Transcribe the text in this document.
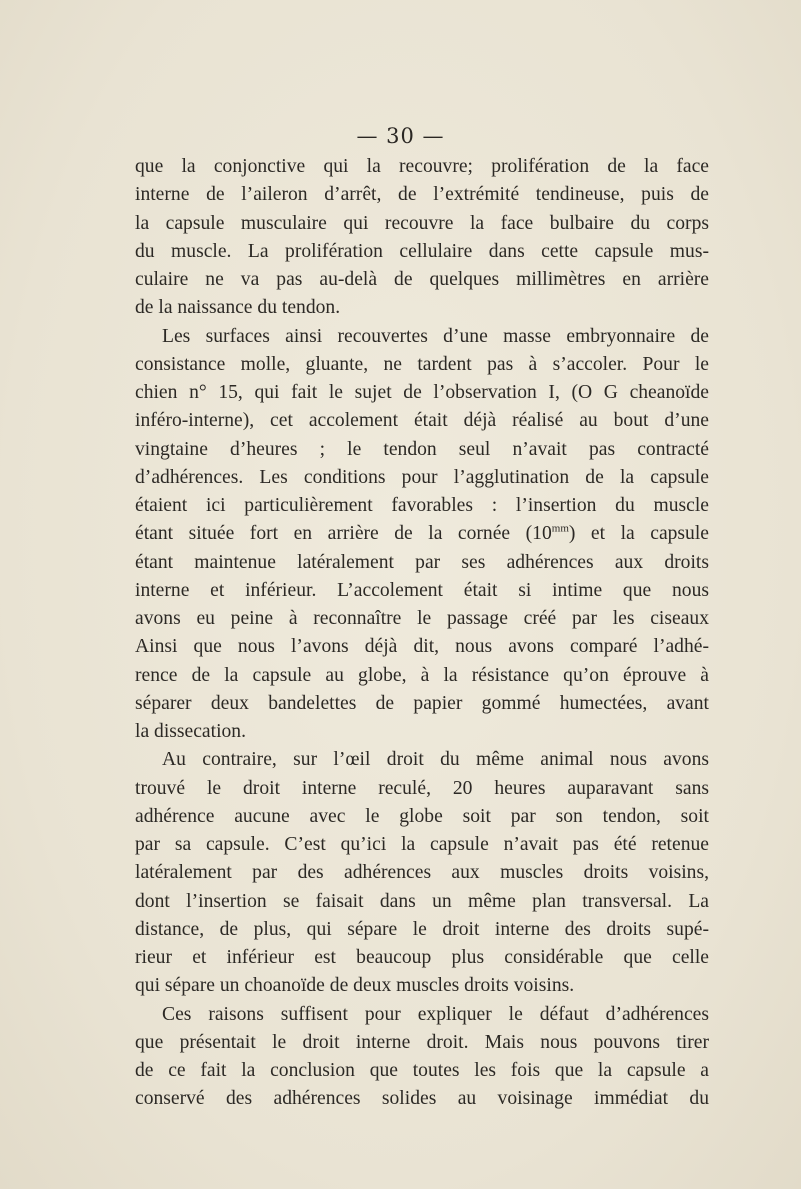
— 30 —
que la conjonctive qui la recouvre; prolifération de la face
interne de l’aileron d’arrêt, de l’extrémité tendineuse, puis de
la capsule musculaire qui recouvre la face bulbaire du corps
du muscle. La prolifération cellulaire dans cette capsule mus-
culaire ne va pas au-delà de quelques millimètres en arrière
de la naissance du tendon.
Les surfaces ainsi recouvertes d’une masse embryonnaire de
consistance molle, gluante, ne tardent pas à s’accoler. Pour le
chien n° 15, qui fait le sujet de l’observation I, (O G cheanoïde
inféro-interne), cet accolement était déjà réalisé au bout d’une
vingtaine d’heures ; le tendon seul n’avait pas contracté
d’adhérences. Les conditions pour l’agglutination de la capsule
étaient ici particulièrement favorables : l’insertion du muscle
étant située fort en arrière de la cornée $(10^{mm})$ et la capsule
étant maintenue latéralement par ses adhérences aux droits
interne et inférieur. L’accolement était si intime que nous
avons eu peine à reconnaître le passage créé par les ciseaux
Ainsi que nous l’avons déjà dit, nous avons comparé l’adhé-
rence de la capsule au globe, à la résistance qu’on éprouve à
séparer deux bandelettes de papier gommé humectées, avant
la dissecation.
Au contraire, sur l’œil droit du même animal nous avons
trouvé le droit interne reculé, 20 heures auparavant sans
adhérence aucune avec le globe soit par son tendon, soit
par sa capsule. C’est qu’ici la capsule n’avait pas été retenue
latéralement par des adhérences aux muscles droits voisins,
dont l’insertion se faisait dans un même plan transversal. La
distance, de plus, qui sépare le droit interne des droits supé-
rieur et inférieur est beaucoup plus considérable que celle
qui sépare un choanoïde de deux muscles droits voisins.
Ces raisons suffisent pour expliquer le défaut d’adhérences
que présentait le droit interne droit. Mais nous pouvons tirer
de ce fait la conclusion que toutes les fois que la capsule a
conservé des adhérences solides au voisinage immédiat du
